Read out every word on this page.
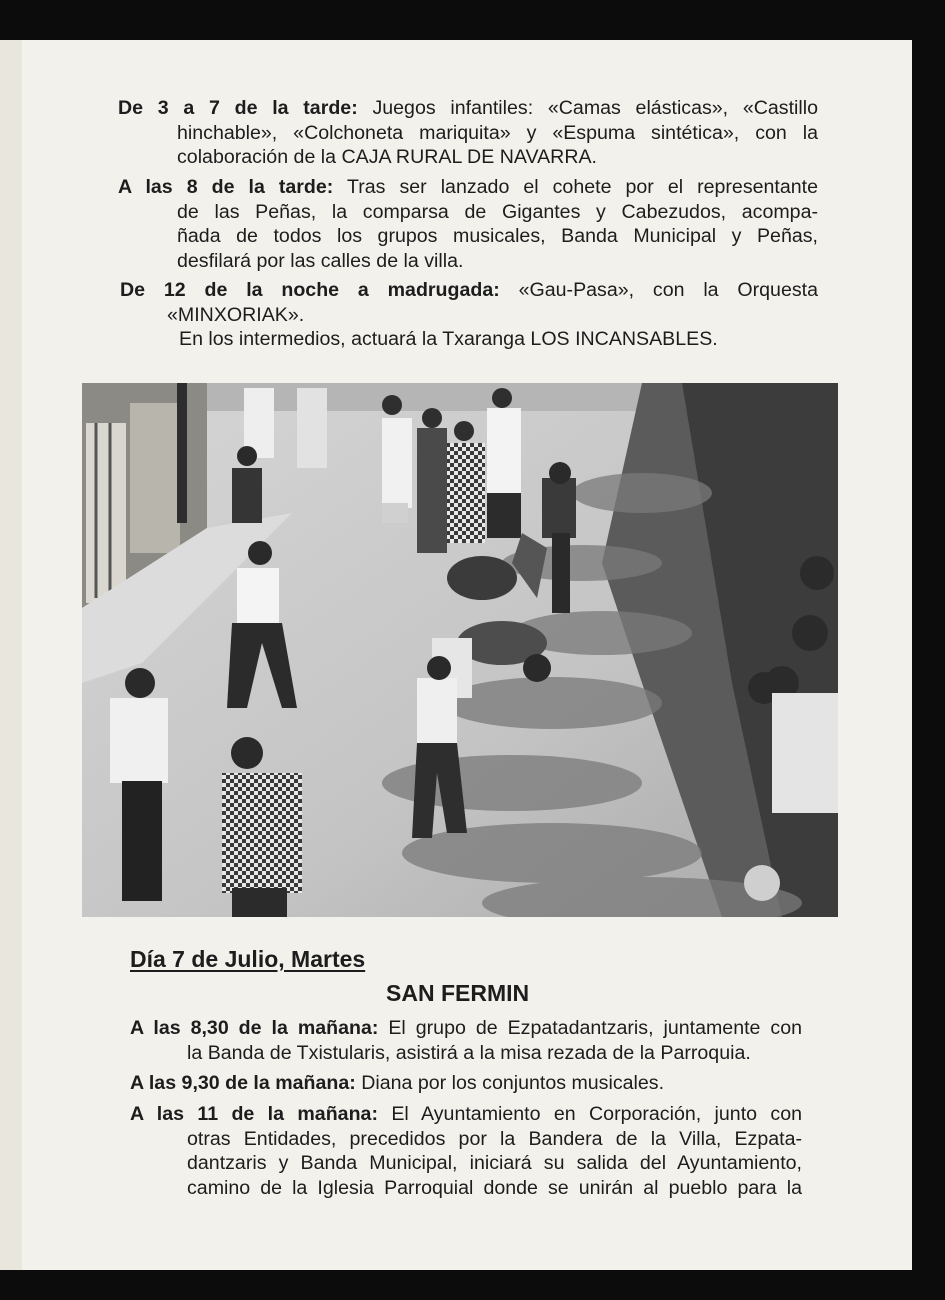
De 3 a 7 de la tarde: Juegos infantiles: «Camas elásticas», «Castillo

hinchable», «Colchoneta mariquita» y «Espuma sintética», con la

colaboración de la CAJA RURAL DE NAVARRA.

A las 8 de la tarde: Tras ser lanzado el cohete por el representante

de las Peñas, la comparsa de Gigantes y Cabezudos, acompa-

ñada de todos los grupos musicales, Banda Municipal y Peñas,

desfilará por las calles de la villa.

De 12 de la noche a madrugada: «Gau-Pasa», con la Orquesta

«MINXORIAK».

En los intermedios, actuará la Txaranga LOS INCANSABLES.

Día 7 de Julio, Martes
SAN FERMIN

A las 8,30 de la mañana: El grupo de Ezpatadantzaris, juntamente con

la Banda de Txistularis, asistirá a la misa rezada de la Parroquia.

A las 9,30 de la mañana: Diana por los conjuntos musicales.

A las 11 de la mañana: El Ayuntamiento en Corporación, junto con

otras Entidades, precedidos por la Bandera de la Villa, Ezpata-

dantzaris y Banda Municipal, iniciará su salida del Ayuntamiento,

camino de la Iglesia Parroquial donde se unirán al pueblo para la
